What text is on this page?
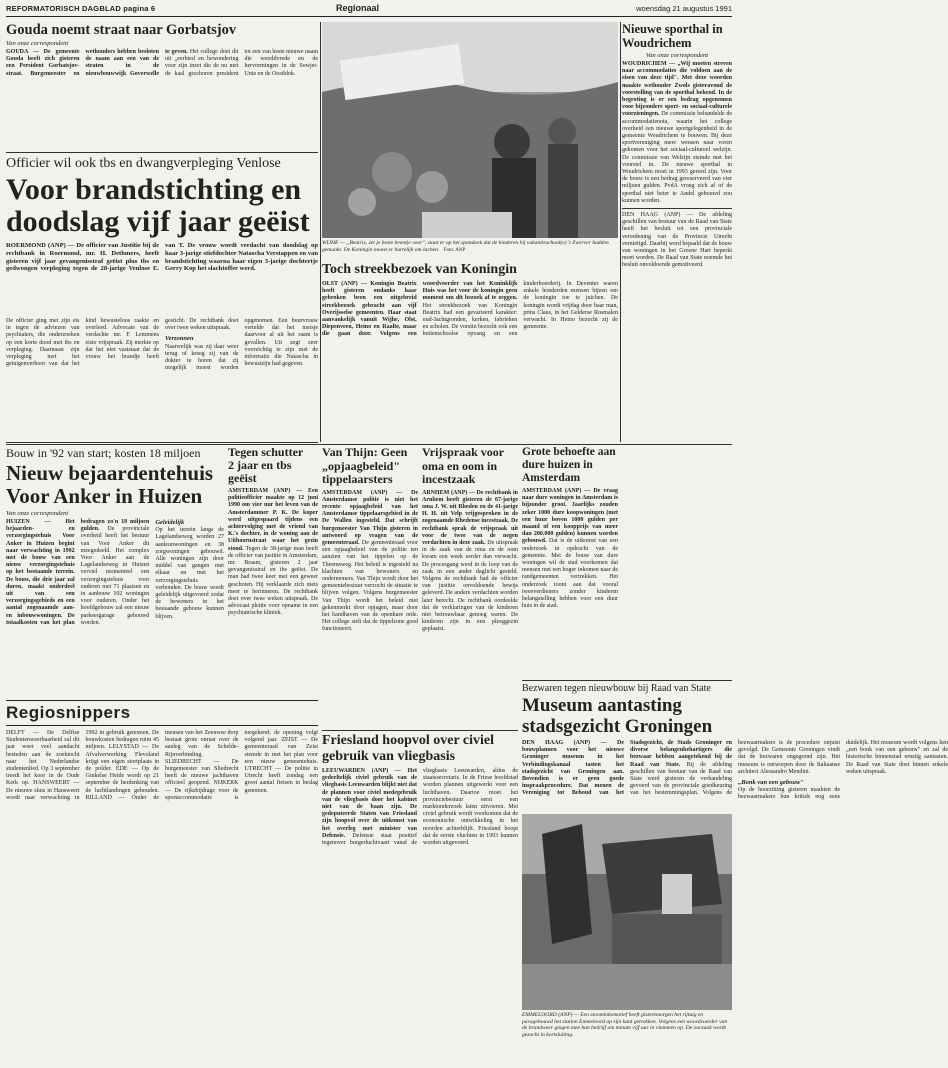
REFORMATORISCH DAGBLAD pagina 6	Regionaal	woensdag 21 augustus 1991
Gouda noemt straat naar Gorbatsjov
Van onze correspondent
GOUDA — De gemeente Gouda heeft zich gisteren een Persident Gorbatsjov-straat. Burgemeester en wethouders hebben besloten de naam aan een van de straten in de nieuwbouwwijk Goverwelle te geven. Het college doet dit uit „eerbied en bewondering voor zijn inzet die de nu met de kaal geschoren president tot een van beste nieuwe naam die wereldvrede en de hervormingen in de Sowjet-Unie en de Oostblok.
Officier wil ook tbs en dwangverpleging Venlose
Voor brandstichting en doodslag vijf jaar geëist
ROERMOND (ANP) — De officier van Justitie bij de rechtbank in Roermond, mr. H. Dethmers, heeft gisteren vijf jaar gevangenisstraf geëist plus tbs en gedwongen verpleging tegen de 28-jarige Venlose E. van T. De vrouw wordt verdacht van doodslag op haar 3-jarige stiefdochter Natascha Verstappen en van brandstichting waarna haar eigen 3-jarige dochtertje Gerry Kop het slachtoffer werd.
De officier ging met zijn eis in tegen de adviezen van psychiaters, die onderzoeken op een korte dood met tbs en verpleging. Daarnaast zijn verpleging met het getuigenverhoor van dat het kind bewusteloos raakte en overleed. Advocate van de verdachte mr. F. Lemmens eiste vrijspraak. Zij merkte op dat het niet vaststaat dat de vrouw het brandje heeft gesticht. De rechtbank doet over twee weken uitspraak.
Verzonnen
Naarwelijk was zij daar weer terug of kreeg zij van de dokter te horen dat zij mogelijk moest worden opgenomen. Een buurvrouw vertelde dat het meisje daarvoor al uit het raam is gevallen. Uit zegt zeer voorzichtig te zijn met de informatie die Natascha in bewustzijn had gegeven.
WIJHE — „Beatrix, zet je beste beentje voor", staat er op het spandoek dat de kinderen bij vakantieschool(e) 't Zwerver hadden gemaakt. De Koningin moest er hartelijk om lachen. Foto: ANP
Toch streekbezoek van Koningin
OLST (ANP) — Koningin Beatrix heeft gisteren ondanks haar gebroken been een uitgebreid streekbezoek gebracht aan vijf Overijsselse gemeenten. Haar staat aanvankelijk vanuit Wijhe, Olst, Diepenveen, Heino en Raalte, maar die gaan door. Volgens een woordvoerder van het Koninklijk Huis was het voor de koningin geen moment om dit bezoek af te zeggen. Het streekbezoek van Koningin Beatrix had een gevarieerd karakter: oud-Jachtgronden, kerken, fabrieken en scholen. De vorstin bezocht ook een buitenschoolse opvang en een kinderboerderij. In Deventer waren enkele honderden mensen bijeen om de koningin toe te juichen. De koningin wordt vrijdag door haar man, prins Claus, in het Gelderse Rosmalen verwacht. In Heino bezocht zij de gemeente.
Nieuwe sporthal in Woudrichem
Van onze correspondent
WOUDRICHEM — „Wij moeten streven naar accommodaties die voldoen aan de eisen van deze tijd". Met deze woorden maakte wethouder Zwols gisteravond de voorstelling van de sporthal bekend. In de begroting is er een bedrag opgenomen voor bijzondere sport- en sociaal-culturele voorzieningen. De commissie behandelde de accommodatienota, waarin het college overheid een nieuwe sportgelegenheid in de gemeente Woudrichem te bouwen. Bij deze sportvereniging meer wensen naar voren gekomen voor het sociaal-cultureel welzijn. De commissie van Welzijn stemde met het voorstel in. De nieuwe sporthal in Woudrichem moet in 1993 gereed zijn. Voor de bouw is een bedrag gereserveerd van vier miljoen gulden. PvdA vroeg zich af of de sporthal niet beter te Andel gebouwd zou kunnen worden.
DEN HAAG (ANP) — De afdeling geschillen van bestuur van de Raad van State heeft het besluit tot een provinciale verordening van de Provincie Utrecht vernietigd. Daarbij werd bepaald dat de bouw van woningen in het Groene Hart beperkt moet worden. De Raad van State noemde het besluit onvoldoende gemotiveerd.
Bouw in '92 van start; kosten 18 miljoen
Nieuw bejaardentehuis Voor Anker in Huizen
Van onze correspondent
HUIZEN — Het bejaarden- en verzorgingstehuis Voor Anker in Huizen begint naar verwachting in 1992 met de bouw van een nieuw verzorgingstehuis op het bestaande terrein. De bouw, die drie jaar zal duren, maakt onderdeel uit van een verzorgingsgebieds en een aantal zogenaamde aan- en inbouwwoningen. De totaalkosten van het plan bedragen zo'n 18 miljoen gulden. De provinciale overheid heeft het bestuur van Voor Anker dit meegedeeld. Het complex Voor Anker aan de Lagelandseweg in Huizen verviel momenteel een verzorgingstehuis voor ouderen met 71 plaatsen en in aanbouw 102 woningen voor ouderen. Onder het hoofdgebouw zal een nieuw parkeergarage gebouwd worden.
Geleidelijk
Op het terrein langs de Lagelandseweg worden 27 aanleunwoningen en 38 zorgwoningen gebouwd. Alle woningen zijn door middel van gangen met elkaar en met het verzorgingstehuis verbonden. De bouw wordt geleidelijk uitgevoerd zodat de bewoners in het bestaande gebouw kunnen blijven.
Tegen schutter
2 jaar en tbs geëist
AMSTERDAM (ANP) — Een politieofficier maakte op 12 juni 1990 om vier uur het leven van de Amsterdammer P. K. De koper werd uitgespaard tijdens een achtervolging met de vriend van K.'s dochter, in de woning aan de Uithoornstraat waar het gezin stond. Tegen de 38-jarige man heeft de officier van justitie in Amsterdam, mr. Braam, gisteren 2 jaar gevangenisstraf en tbs geëist. De man had twee keer met een geweer geschoten. Hij verklaarde zich niets meer te herinneren. De rechtbank doet over twee weken uitspraak. De advocaat pleitte voor opname in een psychiatrische kliniek.
Van Thijn: Geen „opjaagbeleid" tippelaarsters
AMSTERDAM (ANP) — De Amsterdamse politie is niet het recente opjaagbeleid van het Amsterdamse tippelaarsgebied in de De Wallen ingesteld. Dat schrijft burgemeester Van Thijn gisteren in antwoord op vragen van de gemeenteraad. De gemeenteraad voor een opjaagbeleid van de politie ten aanzien van het tippelen op de Theemsweg. Het beleid is ingesteld na klachten van bewoners en ondernemers. Van Thijn wordt door het gemeentebestuur verzocht de situatie te blijven volgen. Volgens burgemeester Van Thijn wordt het beleid niet gekenmerkt door opjagen, maar door het handhaven van de openbare orde. Het college stelt dat de tippelzone goed functioneert.
Vrijspraak voor oma en oom in incestzaak
ARNHEM (ANP) — De rechtbank in Arnhem heeft gisteren de 67-jarige oma J. W. uit Rheden en de 41-jarige H. H. uit Velp vrijgesproken in de zogenaamde Rhedense incestzaak. De rechtbank sprak de vrijspraak uit voor de twee van de negen verdachten in deze zaak. De uitspraak in de zaak van de oma en de oom kwam een week eerder dan verwacht. De procesgang werd in de loop van de zaak in een ander daglicht gesteld. Volgens de rechtbank had de officier van justitie onvoldoende bewijs geleverd. De andere verdachten worden later berecht. De rechtbank oordeelde dat de verklaringen van de kinderen niet betrouwbaar genoeg waren. De kinderen zijn in een pleeggezin geplaatst.
Grote behoefte aan dure huizen in Amsterdam
AMSTERDAM (ANP) — De vraag naar dure woningen in Amsterdam is bijzonder groot. Jaarlijks zouden zeker 1000 dure koopwoningen (met een huur boven 1000 gulden per maand of een koopprijs van meer dan 200.000 gulden) kunnen worden gebouwd. Dat is de uitkomst van een onderzoek in opdracht van de gemeente. Met de bouw van dure woningen wil de stad voorkomen dat mensen met een hoger inkomen naar de randgemeenten vertrekken. Het onderzoek toont aan dat vooral tweeverdieners zonder kinderen belangstelling hebben voor een duur huis in de stad.
Bezwaren tegen nieuwbouw bij Raad van State
Museum aantasting stadsgezicht Groningen
DEN HAAG (ANP) — De bouwplannen voor het nieuwe Groninger museum in het Verbindingskanaal tasten het stadsgezicht van Groningen aan. Bovendien is er geen goede inspraakprocedure. Dat menen de Vereniging tot Behoud van het Stadsgezicht, de Stads Groninger en diverse belangenbehartigers die bezwaar hebben aangetekend bij de Raad van State. Bij de afdeling geschillen van bestuur van de Raad van State werd gisteren de verhandeling gevoerd van de provinciale goedkeuring van het bestemmingsplan. Volgens de bezwaarmakers is de procedure onjuist gevolgd. De Gemeente Groningen vindt dat de bezwaren ongegrond zijn. Het museum is ontworpen door de Italiaanse architect Alessandro Mendini.
„Bonk van een gebouw"
Op de hoorzitting gisteren maakten de bezwaarmakers hun kritiek nog eens duidelijk. Het museum wordt volgens hen „een bonk van een gebouw" en zal de historische binnenstad ernstig aantasten. De Raad van State doet binnen enkele weken uitspraak.
Regiosnippers
DELFT — De Delftse Studentenweerbaarheid zal dit jaar weer veel aandacht besteden aan de zoektocht naar het Nederlandse studentenlied. Op 3 september treedt het koor in de Oude Kerk op. HANSWEERT — De nieuwe sluis in Hansweert wordt naar verwachting in 1992 in gebruik genomen. De bouwkosten bedragen ruim 45 miljoen. LELYSTAD — De Afvalverwerking Flevoland krijgt een eigen stortplaats in de polder. EDE — Op de Ginkelse Heide wordt op 21 september de herdenking van de luchtlandingen gehouden. RILLAND — Onder de mensen van het Zeeuwse dorp bestaat grote onrust over de aanleg van de Schelde-Rijnverbinding. SLIEDRECHT — De burgemeester van Sliedrecht heeft de nieuwe jachthaven officieel geopend. NIJKERK — De rijksbijdrage voor de sportaccommodatie is toegekend; de opening volgt volgend jaar. ZEIST — De gemeenteraad van Zeist stemde in met het plan voor een nieuw gemeentehuis. UTRECHT — De politie in Utrecht heeft zondag een groot aantal fietsen in beslag genomen.
Friesland hoopvol over civiel gebruik van vliegbasis
LEEUWARDEN (ANP) — Het gedeeltelijk civiel gebruik van de vliegbasis Leeuwarden blijkt niet dat de plannen voor civiel medegebruik van de vliegbasis door het kabinet niet van de baan zijn. De gedeputeerde Staten van Friesland zijn hoopvol over de uitkomst van het overleg met minister van Defensie. Defensie staat positief tegenover burgerluchtvaart vanaf de vliegbasis Leeuwarden, aldus de staatssecretaris. In de Friese hoofdstad worden plannen uitgewerkt voor een luchthaven. Daartoe moet het provinciebestuur eerst een marktonderzoek laten uitvoeren. Met civiel gebruik wordt voorkomen dat de economische ontwikkeling in het noorden achterblijft. Friesland hoopt dat de eerste vluchten in 1993 kunnen worden uitgevoerd.
EMMELOORD (ANP) — Een stoomlokomotief heeft gisteremorgen het rijtuig en paragebouwd het station Emmeloord op zijn kant getrokken. Volgens een woordvoerder van de brandweer gingen mee hun bedrijf om minute vijf uur in vlammen op. De oorzaak wordt gezocht in kortsluiting.
